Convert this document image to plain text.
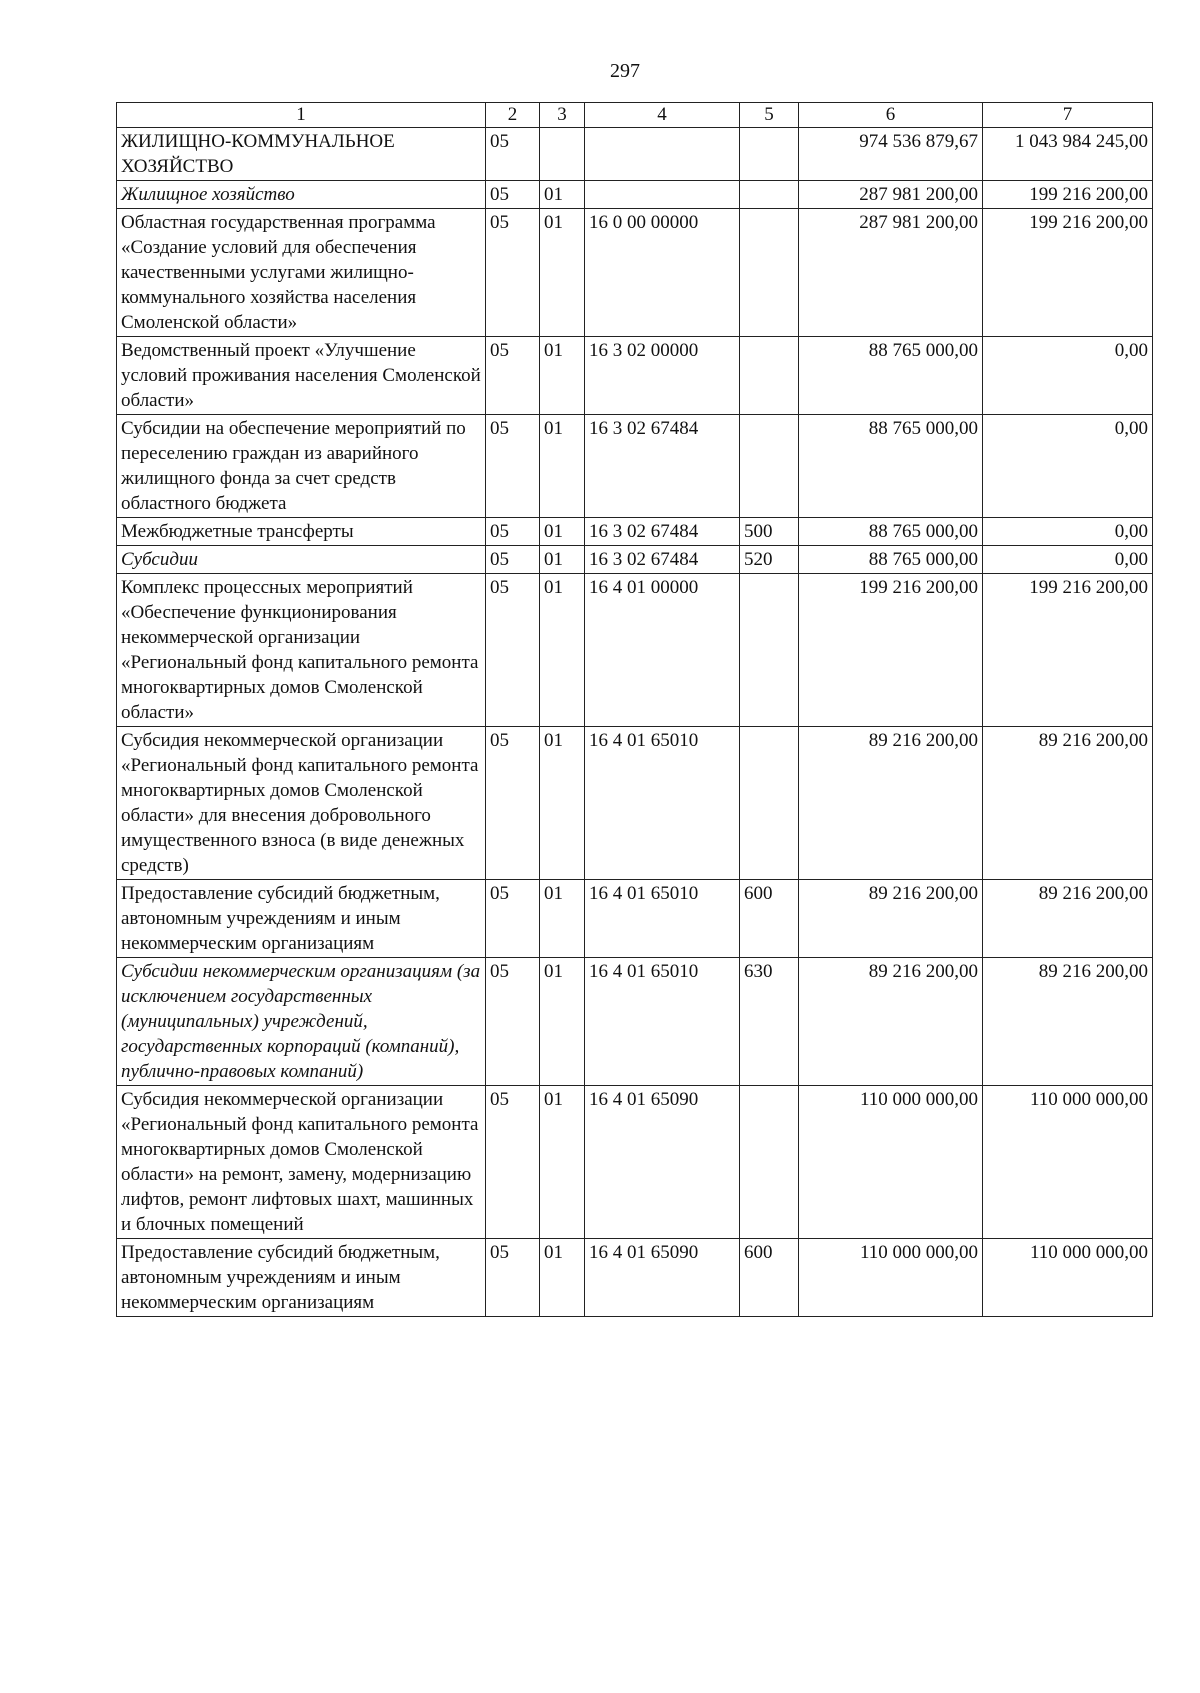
297
1	2	3	4	5	6	7
ЖИЛИЩНО-КОММУНАЛЬНОЕ ХОЗЯЙСТВО	05				974 536 879,67	1 043 984 245,00
Жилищное хозяйство	05	01			287 981 200,00	199 216 200,00
Областная государственная программа «Создание условий для обеспечения качественными услугами жилищно-коммунального хозяйства населения Смоленской области»	05	01	16 0 00 00000		287 981 200,00	199 216 200,00
Ведомственный проект «Улучшение условий проживания населения Смоленской области»	05	01	16 3 02 00000		88 765 000,00	0,00
Субсидии на обеспечение мероприятий по переселению граждан из аварийного жилищного фонда за счет средств областного бюджета	05	01	16 3 02 67484		88 765 000,00	0,00
Межбюджетные трансферты	05	01	16 3 02 67484	500	88 765 000,00	0,00
Субсидии	05	01	16 3 02 67484	520	88 765 000,00	0,00
Комплекс процессных мероприятий «Обеспечение функционирования некоммерческой организации «Региональный фонд капитального ремонта многоквартирных домов Смоленской области»	05	01	16 4 01 00000		199 216 200,00	199 216 200,00
Субсидия некоммерческой организации «Региональный фонд капитального ремонта многоквартирных домов Смоленской области» для внесения добровольного имущественного взноса (в виде денежных средств)	05	01	16 4 01 65010		89 216 200,00	89 216 200,00
Предоставление субсидий бюджетным, автономным учреждениям и иным некоммерческим организациям	05	01	16 4 01 65010	600	89 216 200,00	89 216 200,00
Субсидии некоммерческим организациям (за исключением государственных (муниципальных) учреждений, государственных корпораций (компаний), публично-правовых компаний)	05	01	16 4 01 65010	630	89 216 200,00	89 216 200,00
Субсидия некоммерческой организации «Региональный фонд капитального ремонта многоквартирных домов Смоленской области» на ремонт, замену, модернизацию лифтов, ремонт лифтовых шахт, машинных и блочных помещений	05	01	16 4 01 65090		110 000 000,00	110 000 000,00
Предоставление субсидий бюджетным, автономным учреждениям и иным некоммерческим организациям	05	01	16 4 01 65090	600	110 000 000,00	110 000 000,00
